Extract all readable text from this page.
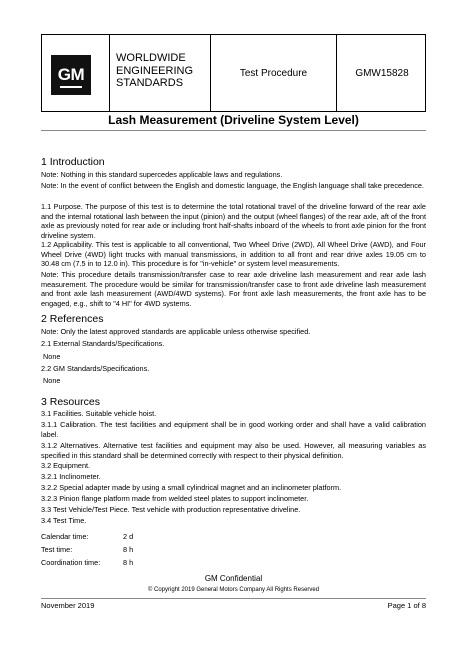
GM
WORLDWIDE
ENGINEERING
STANDARDS
Test Procedure	GMW15828
Lash Measurement (Driveline System Level)
1 Introduction
Note: Nothing in this standard supercedes applicable laws and regulations.
Note: In the event of conflict between the English and domestic language, the English language shall take precedence.
1.1 Purpose. The purpose of this test is to determine the total rotational travel of the driveline forward of the rear axle and the internal rotational lash between the input (pinion) and the output (wheel flanges) of the rear axle, aft of the front axle as previously noted for rear axle or including front half-shafts inboard of the wheels to front axle pinion for the front driveline system.
1.2 Applicability. This test is applicable to all conventional, Two Wheel Drive (2WD), All Wheel Drive (AWD), and Four Wheel Drive (4WD) light trucks with manual transmissions, in addition to all front and rear drive axles 19.05 cm to 30.48 cm (7.5 in to 12.0 in). This procedure is for "in-vehicle" or system level measurements.
Note: This procedure details transmission/transfer case to rear axle driveline lash measurement and rear axle lash measurement. The procedure would be similar for transmission/transfer case to front axle driveline lash measurement and front axle lash measurement (AWD/4WD systems). For front axle lash measurements, the front axle has to be engaged, e.g., shift to "4 HI" for 4WD systems.
2 References
Note: Only the latest approved standards are applicable unless otherwise specified.
2.1 External Standards/Specifications.
None
2.2 GM Standards/Specifications.
None
3 Resources
3.1 Facilities. Suitable vehicle hoist.
3.1.1 Calibration. The test facilities and equipment shall be in good working order and shall have a valid calibration label.
3.1.2 Alternatives. Alternative test facilities and equipment may also be used. However, all measuring variables as specified in this standard shall be determined correctly with respect to their physical definition.
3.2 Equipment.
3.2.1 Inclinometer.
3.2.2 Special adapter made by using a small cylindrical magnet and an inclinometer platform.
3.2.3 Pinion flange platform made from welded steel plates to support inclinometer.
3.3 Test Vehicle/Test Piece. Test vehicle with production representative driveline.
3.4 Test Time.
Calendar time:	2 d
Test time:	8 h
Coordination time:	8 h
GM Confidential
© Copyright 2019 General Motors Company All Rights Reserved
November 2019	Page 1 of 8
